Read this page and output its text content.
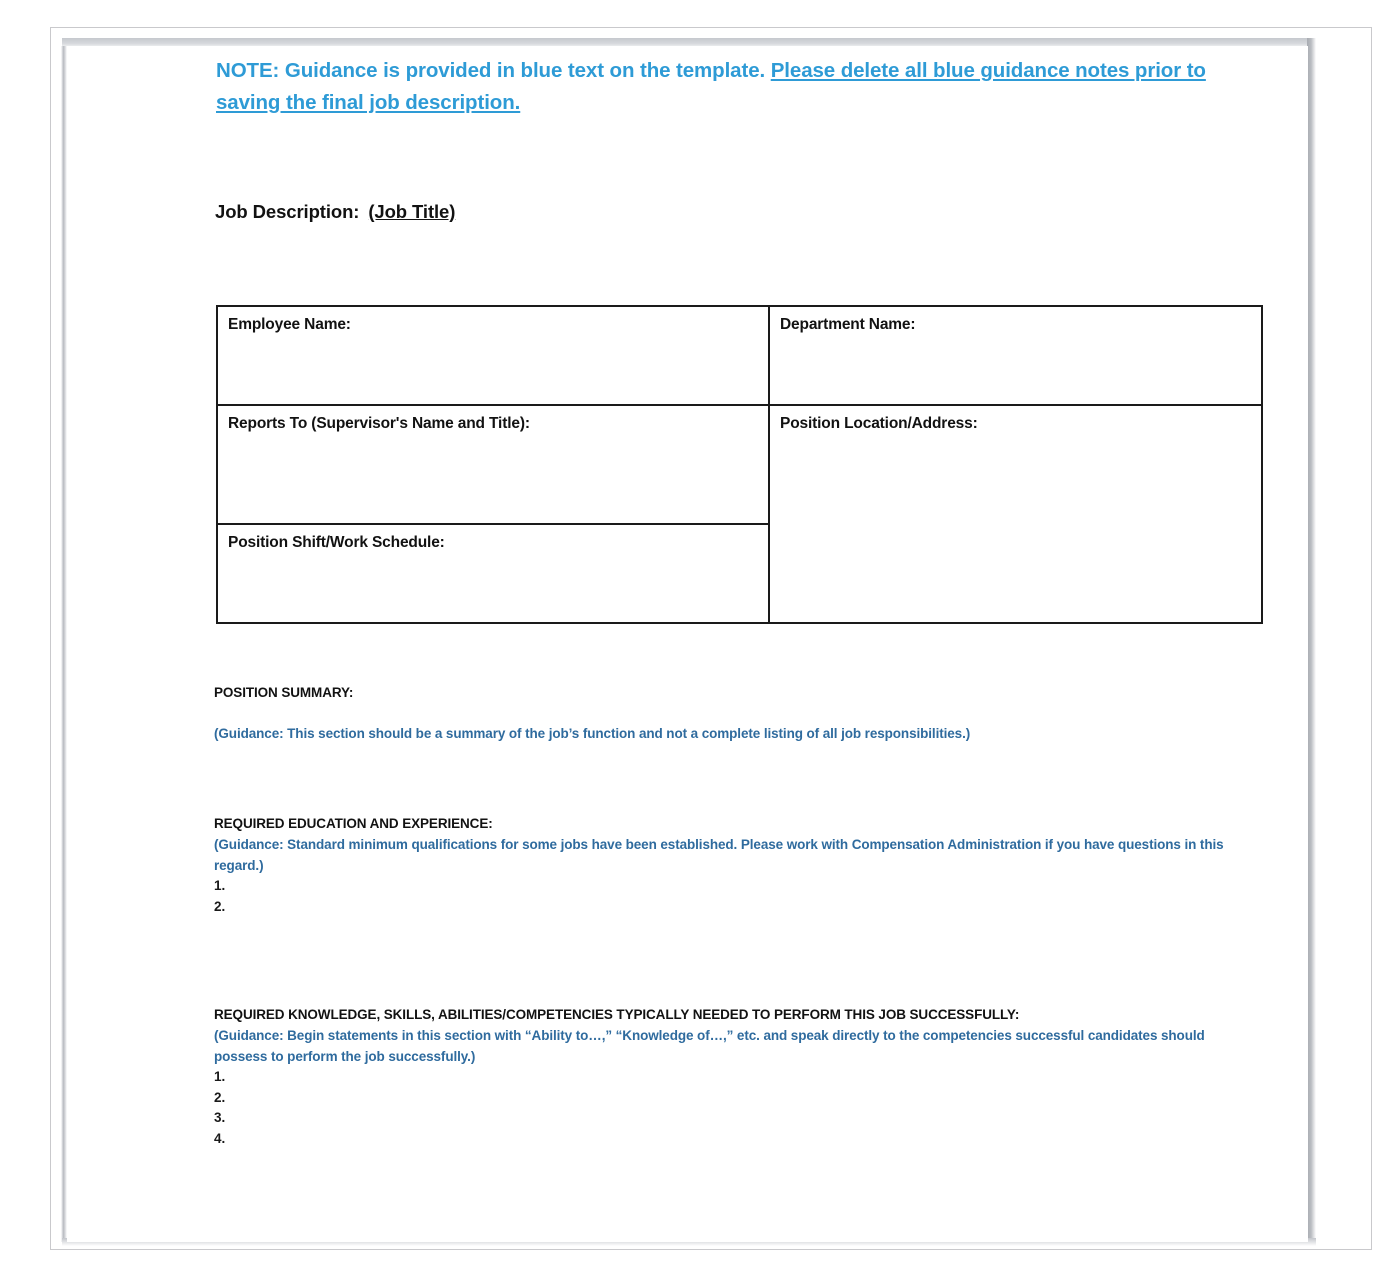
NOTE: Guidance is provided in blue text on the template. Please delete all blue guidance notes prior to saving the final job description.
Job Description: (Job Title)
Employee Name:	Department Name:
Reports To (Supervisor's Name and Title):	Position Location/Address:
Position Shift/Work Schedule:	
POSITION SUMMARY:
(Guidance: This section should be a summary of the job’s function and not a complete listing of all job responsibilities.)
REQUIRED EDUCATION AND EXPERIENCE:
(Guidance: Standard minimum qualifications for some jobs have been established. Please work with Compensation Administration if you have questions in this regard.)
1.
2.
REQUIRED KNOWLEDGE, SKILLS, ABILITIES/COMPETENCIES TYPICALLY NEEDED TO PERFORM THIS JOB SUCCESSFULLY:
(Guidance: Begin statements in this section with “Ability to…,” “Knowledge of…,” etc. and speak directly to the competencies successful candidates should possess to perform the job successfully.)
1.
2.
3.
4.
